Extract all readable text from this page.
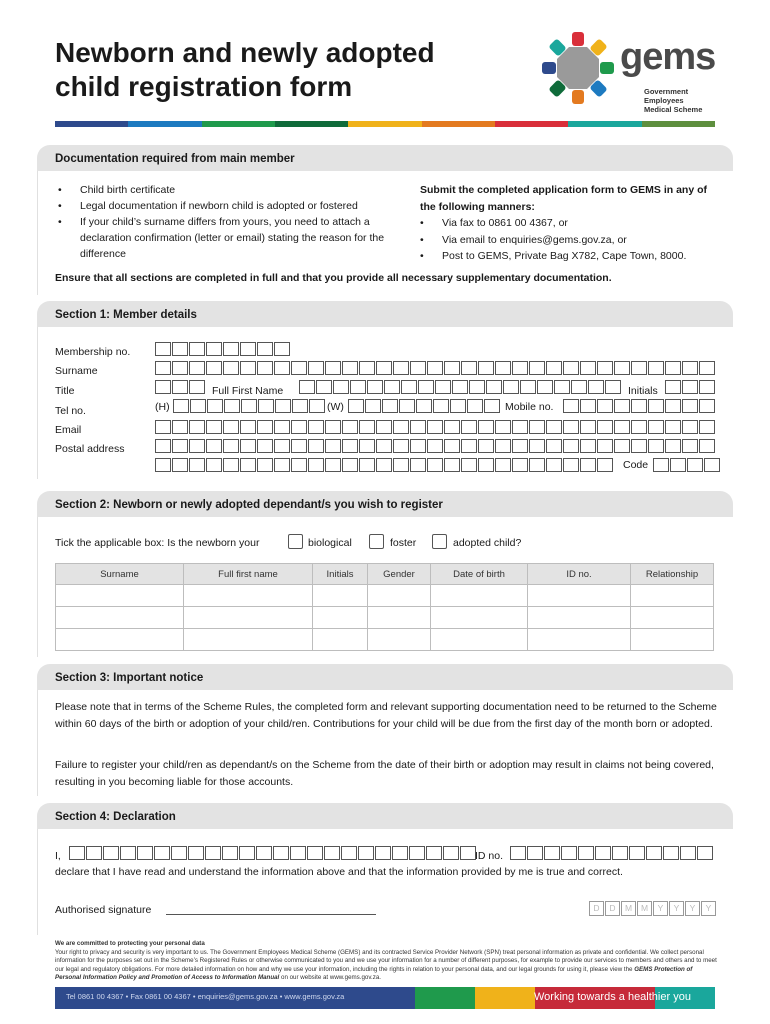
Newborn and newly adopted
child registration form
gems
Government Employees
Medical Scheme
Documentation required from main member
• Child birth certificate
• Legal documentation if newborn child is adopted or fostered
• If your child’s surname differs from yours, you need to attach a declaration confirmation (letter or email) stating the reason for the difference
Submit the completed application form to GEMS in any of the following manners:
• Via fax to 0861 00 4367, or
• Via email to enquiries@gems.gov.za, or
• Post to GEMS, Private Bag X782, Cape Town, 8000.
Ensure that all sections are completed in full and that you provide all necessary supplementary documentation.
Section 1: Member details
Membership no.
Surname
Title	Full First Name	Initials
Tel no.	(H)	(W)	Mobile no.
Email
Postal address
Code
Section 2: Newborn or newly adopted dependant/s you wish to register
Tick the applicable box: Is the newborn your	biological	foster	adopted child?
Surname	Full first name	Initials	Gender	Date of birth	ID no.	Relationship

Section 3: Important notice
Please note that in terms of the Scheme Rules, the completed form and relevant supporting documentation need to be returned to the Scheme within 60 days of the birth or adoption of your child/ren. Contributions for your child will be due from the first day of the month born or adopted.
Failure to register your child/ren as dependant/s on the Scheme from the date of their birth or adoption may result in claims not being covered, resulting in you becoming liable for those accounts.
Section 4: Declaration
I,	ID no.
declare that I have read and understand the information above and that the information provided by me is true and correct.
Authorised signature	D	D	M	M	Y	Y	Y	Y
We are committed to protecting your personal data
Your right to privacy and security is very important to us. The Government Employees Medical Scheme (GEMS) and its contracted Service Provider Network (SPN) treat personal information as private and confidential. We collect personal information for the purposes set out in the Scheme’s Registered Rules or otherwise communicated to you and we use your information for a number of different purposes, for example to provide our services to members and others and to meet our legal and regulatory obligations. For more detailed information on how and why we use your information, including the rights in relation to your personal data, and our legal grounds for using it, please view the GEMS Protection of Personal Information Policy and Promotion of Access to Information Manual on our website at www.gems.gov.za.
Tel 0861 00 4367 • Fax 0861 00 4367 • enquiries@gems.gov.za • www.gems.gov.za	Working towards a healthier you
